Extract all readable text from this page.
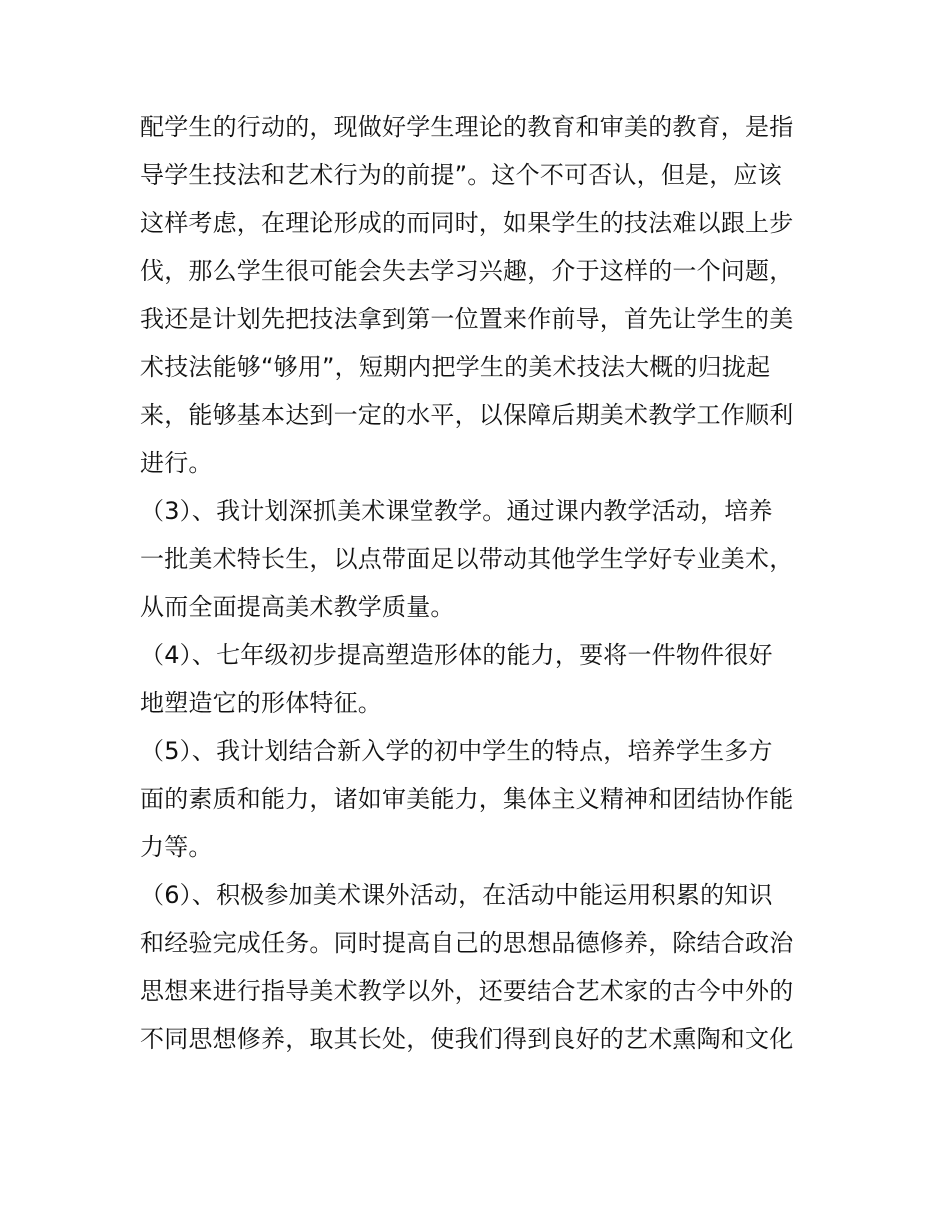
配学生的行动的，现做好学生理论的教育和审美的教育，是指
导学生技法和艺术行为的前提”。这个不可否认，但是，应该
这样考虑，在理论形成的而同时，如果学生的技法难以跟上步
伐，那么学生很可能会失去学习兴趣，介于这样的一个问题，
我还是计划先把技法拿到第一位置来作前导，首先让学生的美
术技法能够“够用”，短期内把学生的美术技法大概的归拢起
来，能够基本达到一定的水平，以保障后期美术教学工作顺利
进行。
（3）、我计划深抓美术课堂教学。通过课内教学活动，培养
一批美术特长生，以点带面足以带动其他学生学好专业美术，
从而全面提高美术教学质量。
（4）、七年级初步提高塑造形体的能力，要将一件物件很好
地塑造它的形体特征。
（5）、我计划结合新入学的初中学生的特点，培养学生多方
面的素质和能力，诸如审美能力，集体主义精神和团结协作能
力等。
（6）、积极参加美术课外活动，在活动中能运用积累的知识
和经验完成任务。同时提高自己的思想品德修养，除结合政治
思想来进行指导美术教学以外，还要结合艺术家的古今中外的
不同思想修养，取其长处，使我们得到良好的艺术熏陶和文化
